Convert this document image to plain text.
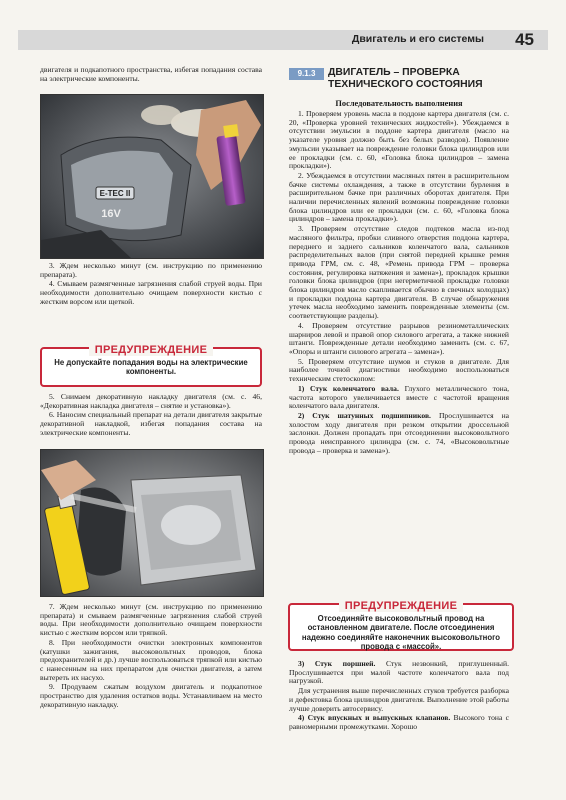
Двигатель и его системы 45

двигателя и подкапотного пространства, избегая попадания состава на электрические компоненты.

E-TEC II
16V

3. Ждем несколько минут (см. инструкцию по применению препарата).

4. Смываем размягченные загрязнения слабой струей воды. При необходимости дополнительно очищаем поверхности кистью с жестким ворсом или щеткой.

ПРЕДУПРЕЖДЕНИЕ
Не допускайте попадания воды на электрические компоненты.

5. Снимаем декоративную накладку двигателя (см. с. 46, «Декоративная накладка двигателя – снятие и установка»).

6. Наносим специальный препарат на детали двигателя закрытые декоративной накладкой, избегая попадания состава на электрические компоненты.

7. Ждем несколько минут (см. инструкцию по применению препарата) и смываем размягченные загрязнения слабой струей воды. При необходимости дополнительно очищаем поверхности кистью с жестким ворсом или тряпкой.

8. При необходимости очистки электронных компонентов (катушки зажигания, высоковольтных проводов, блока предохранителей и др.) лучше воспользоваться тряпкой или кистью с нанесенным на них препаратом для очистки двигателя, а затем вытереть их насухо.

9. Продуваем сжатым воздухом двигатель и подкапотное пространство для удаления остатков воды. Устанавливаем на место декоративную накладку.

9.1.3	ДВИГАТЕЛЬ – ПРОВЕРКА ТЕХНИЧЕСКОГО СОСТОЯНИЯ
Последовательность выполнения

1. Проверяем уровень масла в поддоне картера двигателя (см. с. 20, «Проверка уровней технических жидкостей»). Убеждаемся в отсутствии эмульсии в поддоне картера двигателя (масло на указателе уровня должно быть без белых разводов). Появление эмульсии указывает на повреждение головки блока цилиндров или ее прокладки (см. с. 60, «Головка блока цилиндров – замена прокладки»).

2. Убеждаемся в отсутствии масляных пятен в расширительном бачке системы охлаждения, а также в отсутствии бурления в расширительном бачке при различных оборотах двигателя. При наличии перечисленных явлений возможны повреждение головки блока цилиндров или ее прокладки (см. с. 60, «Головка блока цилиндров – замена прокладки»).

3. Проверяем отсутствие следов подтеков масла из-под масляного фильтра, пробки сливного отверстия поддона картера, переднего и заднего сальников коленчатого вала, сальников распределительных валов (при снятой передней крышке ремня привода ГРМ, см. с. 48, «Ремень привода ГРМ – проверка состояния, регулировка натяжения и замена»), прокладок крышки головки блока цилиндров (при негерметичной прокладке головки блока цилиндров масло скапливается обычно в свечных колодцах) и прокладки поддона картера двигателя. В случае обнаружения утечек масла необходимо заменить поврежденные элементы (см. соответствующие разделы).

4. Проверяем отсутствие разрывов резинометаллических шарниров левой и правой опор силового агрегата, а также нижней штанги. Поврежденные детали необходимо заменить (см. с. 67, «Опоры и штанги силового агрегата – замена»).

5. Проверяем отсутствие шумов и стуков в двигателе. Для наиболее точной диагностики необходимо воспользоваться техническим стетоскопом:

1) Стук коленчатого вала. Глухого металлического тона, частота которого увеличивается вместе с частотой вращения коленчатого вала двигателя.

2) Стук шатунных подшипников. Прослушивается на холостом ходу двигателя при резком открытии дроссельной заслонки. Должен пропадать при отсоединении высоковольтного провода неисправного цилиндра (см. с. 74, «Высоковольтные провода – проверка и замена»).

ПРЕДУПРЕЖДЕНИЕ
Отсоединяйте высоковольтный провод на остановленном двигателе. После отсоединения надежно соединяйте наконечник высоковольтного провода с «массой».

3) Стук поршней. Стук незвонкий, приглушенный. Прослушивается при малой частоте коленчатого вала под нагрузкой.

Для устранения выше перечисленных стуков требуется разборка и дефектовка блока цилиндров двигателя. Выполнение этой работы лучше доверить автосервису.

4) Стук впускных и выпускных клапанов. Высокого тона с равномерными промежутками. Хорошо
